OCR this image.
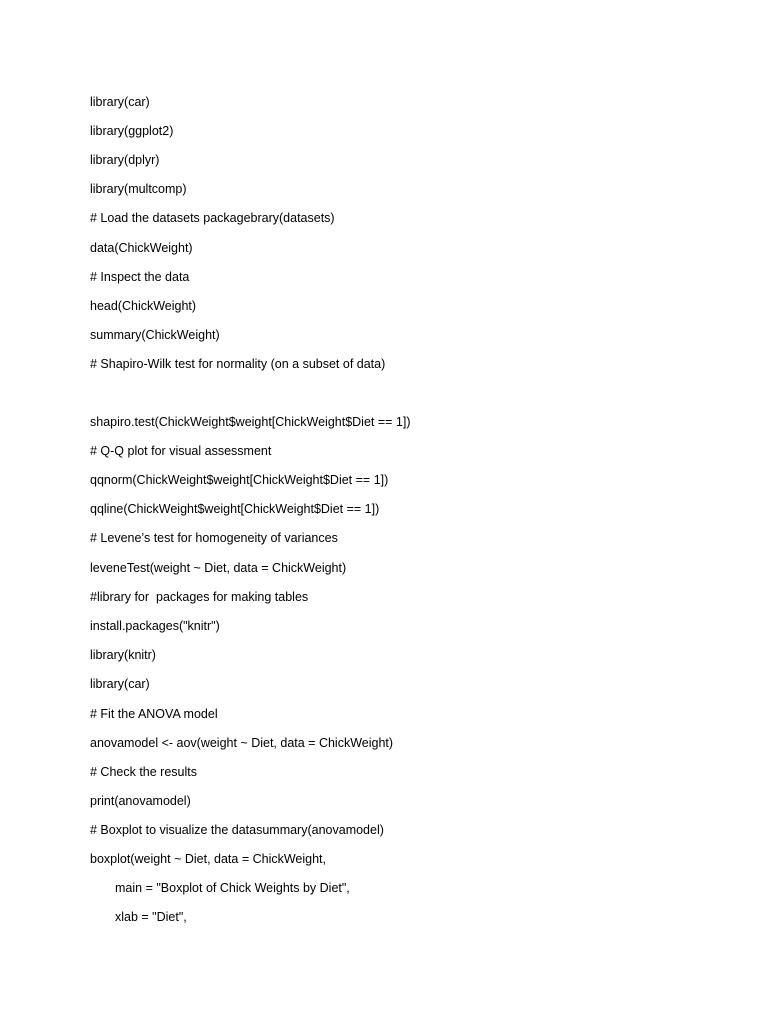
library(car)
library(ggplot2)
library(dplyr)
library(multcomp)
# Load the datasets packagebrary(datasets)
data(ChickWeight)
# Inspect the data
head(ChickWeight)
summary(ChickWeight)
# Shapiro-Wilk test for normality (on a subset of data)
shapiro.test(ChickWeight$weight[ChickWeight$Diet == 1])
# Q-Q plot for visual assessment
qqnorm(ChickWeight$weight[ChickWeight$Diet == 1])
qqline(ChickWeight$weight[ChickWeight$Diet == 1])
# Levene’s test for homogeneity of variances
leveneTest(weight ~ Diet, data = ChickWeight)
#library for  packages for making tables
install.packages("knitr")
library(knitr)
library(car)
# Fit the ANOVA model
anovamodel <- aov(weight ~ Diet, data = ChickWeight)
# Check the results
print(anovamodel)
# Boxplot to visualize the datasummary(anovamodel)
boxplot(weight ~ Diet, data = ChickWeight,
main = "Boxplot of Chick Weights by Diet",
xlab = "Diet",
